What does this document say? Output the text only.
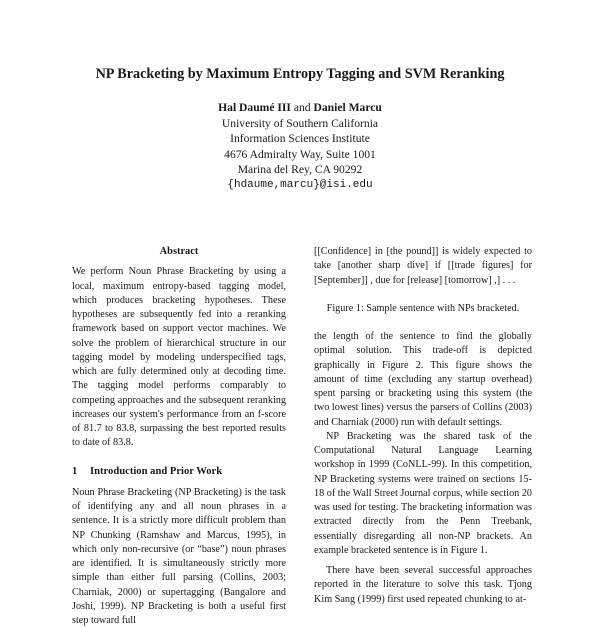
NP Bracketing by Maximum Entropy Tagging and SVM Reranking
Hal Daumé III and Daniel Marcu
University of Southern California
Information Sciences Institute
4676 Admiralty Way, Suite 1001
Marina del Rey, CA 90292
{hdaume,marcu}@isi.edu
Abstract

We perform Noun Phrase Bracketing by using a local, maximum entropy-based tagging model, which produces bracketing hypotheses. These hypotheses are subsequently fed into a reranking framework based on support vector machines. We solve the problem of hierarchical structure in our tagging model by modeling underspecified tags, which are fully determined only at decoding time. The tagging model performs comparably to competing approaches and the subsequent reranking increases our system's performance from an f-score of 81.7 to 83.8, surpassing the best reported results to date of 83.8.

1 Introduction and Prior Work

Noun Phrase Bracketing (NP Bracketing) is the task of identifying any and all noun phrases in a sentence. It is a strictly more difficult problem than NP Chunking (Ramshaw and Marcus, 1995), in which only non-recursive (or “base”) noun phrases are identified. It is simultaneously strictly more simple than either full parsing (Collins, 2003; Charniak, 2000) or supertagging (Bangalore and Joshi, 1999). NP Bracketing is both a useful first step toward full

[[Confidence] in [the pound]] is widely expected to take [another sharp dive] if [[trade figures] for [September]] , due for [release] [tomorrow] ,] . . .

Figure 1: Sample sentence with NPs bracketed.

the length of the sentence to find the globally optimal solution. This trade-off is depicted graphically in Figure 2. This figure shows the amount of time (excluding any startup overhead) spent parsing or bracketing using this system (the two lowest lines) versus the parsers of Collins (2003) and Charniak (2000) run with default settings.

NP Bracketing was the shared task of the Computational Natural Language Learning workshop in 1999 (CoNLL-99). In this competition, NP Bracketing systems were trained on sections 15-18 of the Wall Street Journal corpus, while section 20 was used for testing. The bracketing information was extracted directly from the Penn Treebank, essentially disregarding all non-NP brackets. An example bracketed sentence is in Figure 1.

There have been several successful approaches reported in the literature to solve this task. Tjong Kim Sang (1999) first used repeated chunking to at-
